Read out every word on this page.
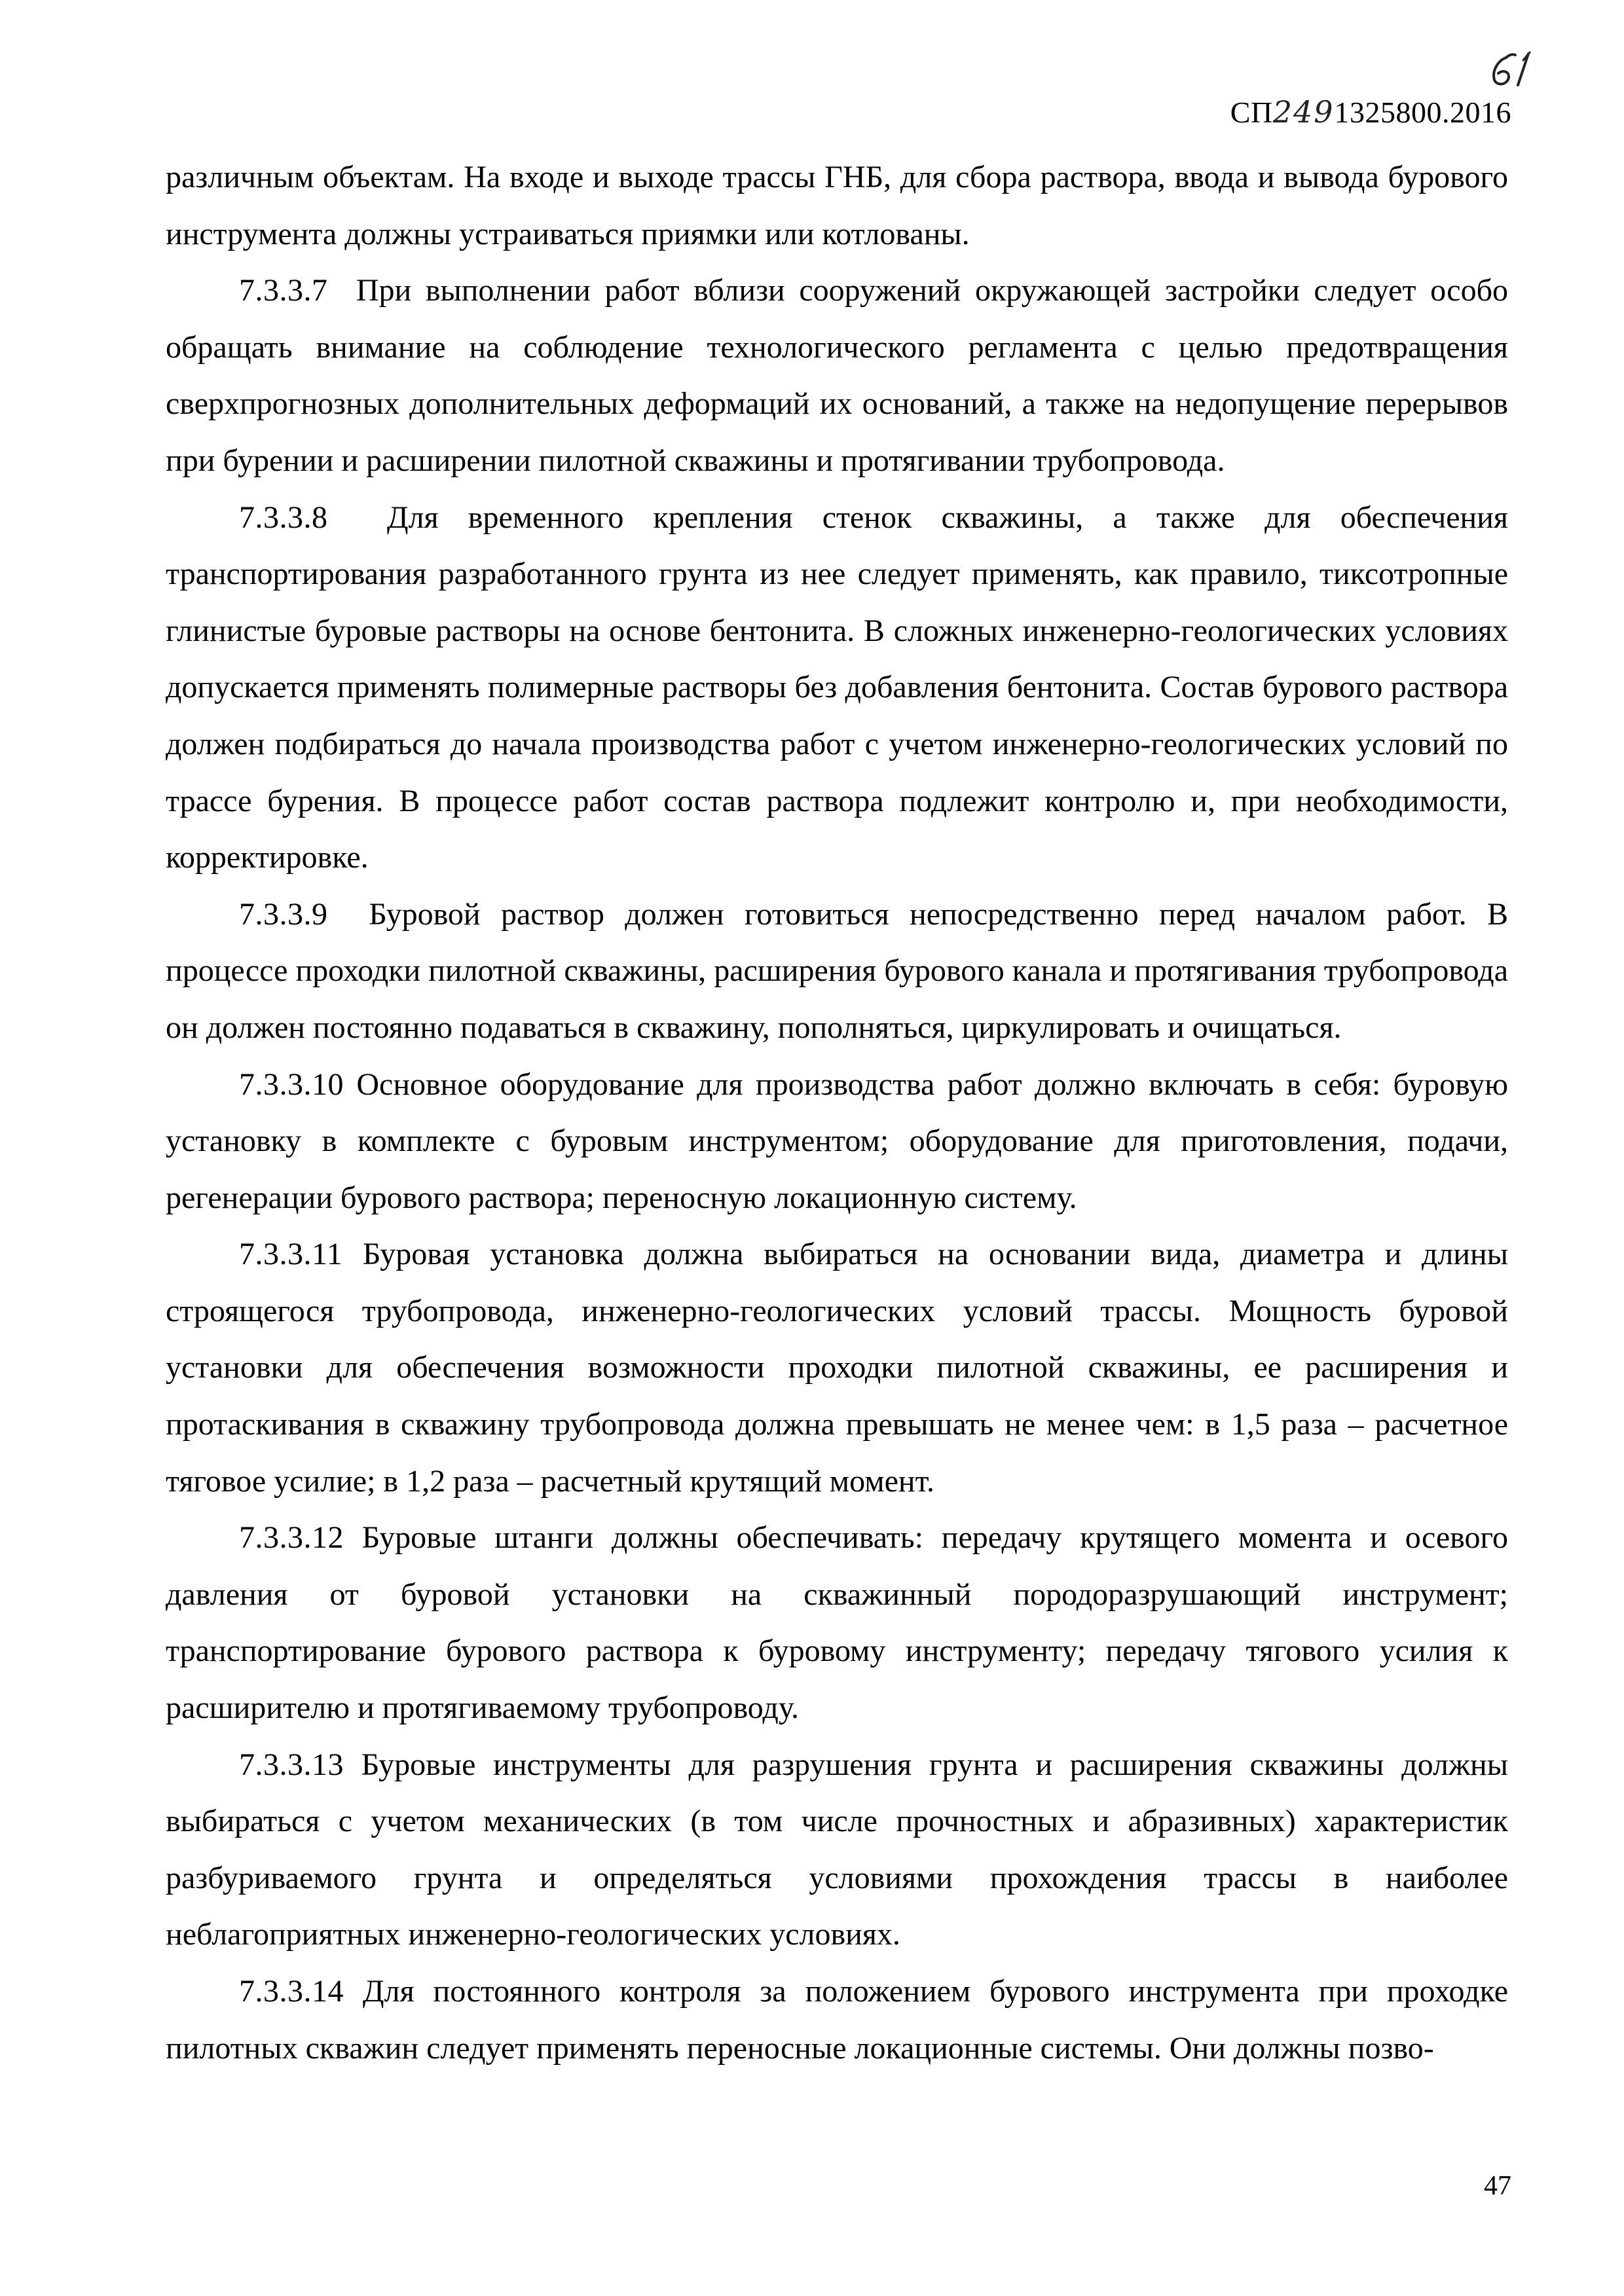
СП2491325800.2016

различным объектам. На входе и выходе трассы ГНБ, для сбора раствора, ввода и вывода бурового инструмента должны устраиваться приямки или котлованы.

7.3.3.7 При выполнении работ вблизи сооружений окружающей застройки следует особо обращать внимание на соблюдение технологического регламента с целью предотвращения сверхпрогнозных дополнительных деформаций их оснований, а также на недопущение перерывов при бурении и расширении пилотной скважины и протягивании трубопровода.

7.3.3.8 Для временного крепления стенок скважины, а также для обеспечения транспортирования разработанного грунта из нее следует применять, как правило, тиксотропные глинистые буровые растворы на основе бентонита. В сложных инженерно-геологических условиях допускается применять полимерные растворы без добавления бентонита. Состав бурового раствора должен подбираться до начала производства работ с учетом инженерно-геологических условий по трассе бурения. В процессе работ состав раствора подлежит контролю и, при необходимости, корректировке.

7.3.3.9 Буровой раствор должен готовиться непосредственно перед началом работ. В процессе проходки пилотной скважины, расширения бурового канала и протягивания трубопровода он должен постоянно подаваться в скважину, пополняться, циркулировать и очищаться.

7.3.3.10 Основное оборудование для производства работ должно включать в себя: буровую установку в комплекте с буровым инструментом; оборудование для приготовления, подачи, регенерации бурового раствора; переносную локационную систему.

7.3.3.11 Буровая установка должна выбираться на основании вида, диаметра и длины строящегося трубопровода, инженерно-геологических условий трассы. Мощность буровой установки для обеспечения возможности проходки пилотной скважины, ее расширения и протаскивания в скважину трубопровода должна превышать не менее чем: в 1,5 раза – расчетное тяговое усилие; в 1,2 раза – расчетный крутящий момент.

7.3.3.12 Буровые штанги должны обеспечивать: передачу крутящего момента и осевого давления от буровой установки на скважинный породоразрушающий инструмент; транспортирование бурового раствора к буровому инструменту; передачу тягового усилия к расширителю и протягиваемому трубопроводу.

7.3.3.13 Буровые инструменты для разрушения грунта и расширения скважины должны выбираться с учетом механических (в том числе прочностных и абразивных) характеристик разбуриваемого грунта и определяться условиями прохождения трассы в наиболее неблагоприятных инженерно-геологических условиях.

7.3.3.14 Для постоянного контроля за положением бурового инструмента при проходке пилотных скважин следует применять переносные локационные системы. Они должны позво-

47
